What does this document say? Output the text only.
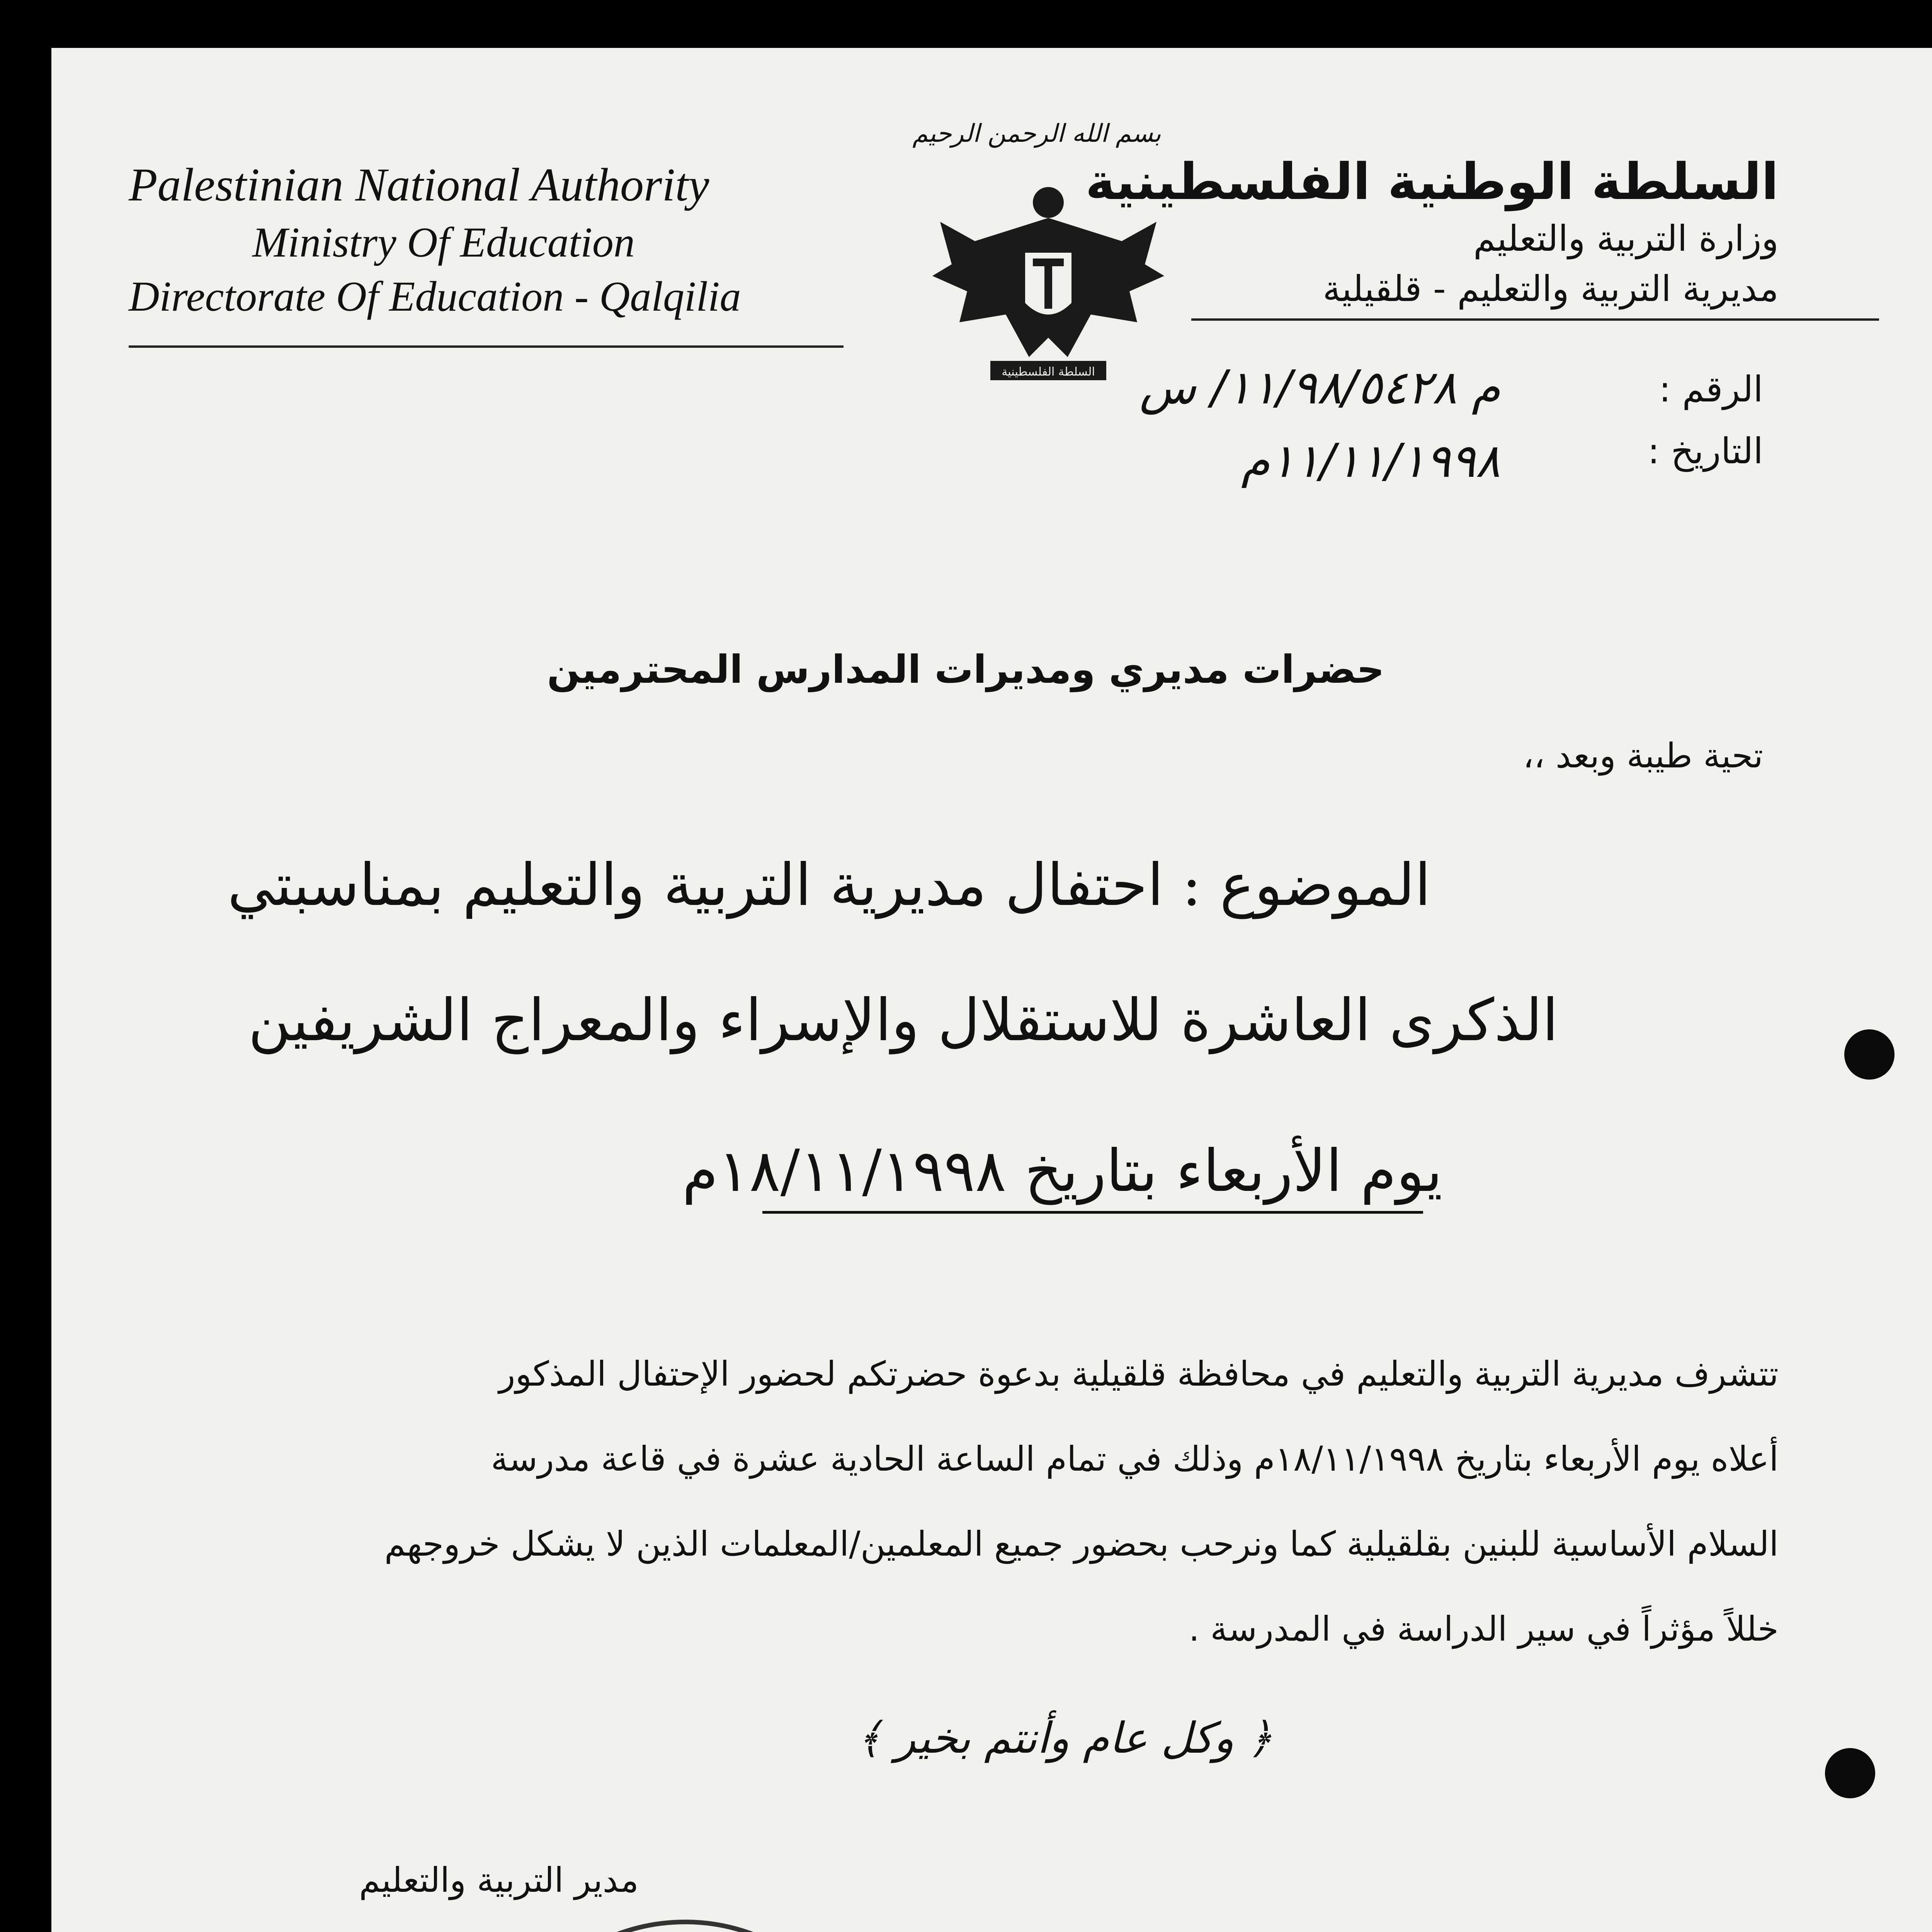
بسم الله الرحمن الرحيم
Palestinian National Authority
Ministry Of Education
Directorate Of Education - Qalqilia
السلطة الوطنية الفلسطينية
وزارة التربية والتعليم
مديرية التربية والتعليم - قلقيلية
السلطة الفلسطينية	الرقم :
م ١١/٩٨/٥٤٢٨/ س
التاريخ :
١١/١١/١٩٩٨م
حضرات مديري ومديرات المدارس المحترمين
تحية طيبة وبعد ،،
الموضوع : احتفال مديرية التربية والتعليم بمناسبتي
الذكرى العاشرة للاستقلال والإسراء والمعراج الشريفين
يوم الأربعاء بتاريخ ١٨/١١/١٩٩٨م
تتشرف مديرية التربية والتعليم في محافظة قلقيلية بدعوة حضرتكم لحضور الإحتفال المذكور
أعلاه يوم الأربعاء بتاريخ ١٨/١١/١٩٩٨م وذلك في تمام الساعة الحادية عشرة في قاعة مدرسة
السلام الأساسية للبنين بقلقيلية كما ونرحب بحضور جميع المعلمين/المعلمات الذين لا يشكل خروجهم
خللاً مؤثراً في سير الدراسة في المدرسة .
﴿ وكل عام وأنتم بخير ﴾
مدير التربية والتعليم
